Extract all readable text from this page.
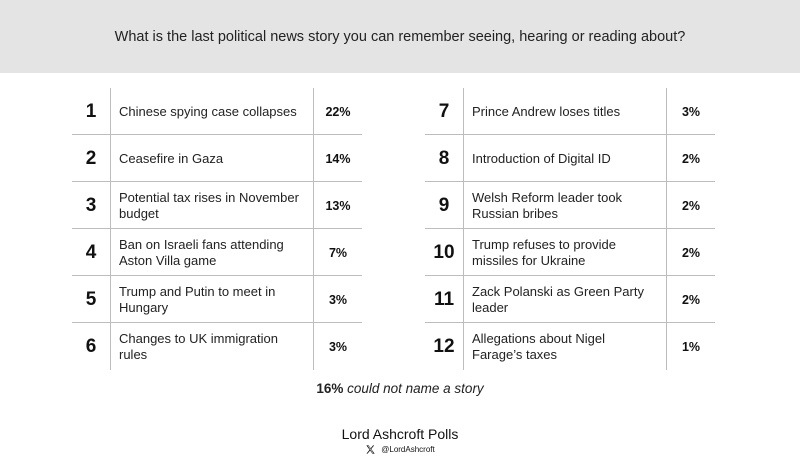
What is the last political news story you can remember seeing, hearing or reading about?
1	Chinese spying case collapses	22%
2	Ceasefire in Gaza	14%
3	Potential tax rises in November budget	13%
4	Ban on Israeli fans attending Aston Villa game	7%
5	Trump and Putin to meet in Hungary	3%
6	Changes to UK immigration rules	3%
7	Prince Andrew loses titles	3%
8	Introduction of Digital ID	2%
9	Welsh Reform leader took Russian bribes	2%
10	Trump refuses to provide missiles for Ukraine	2%
11	Zack Polanski as Green Party leader	2%
12	Allegations about Nigel Farage’s taxes	1%
16% could not name a story
Lord Ashcroft Polls
@LordAshcroft
